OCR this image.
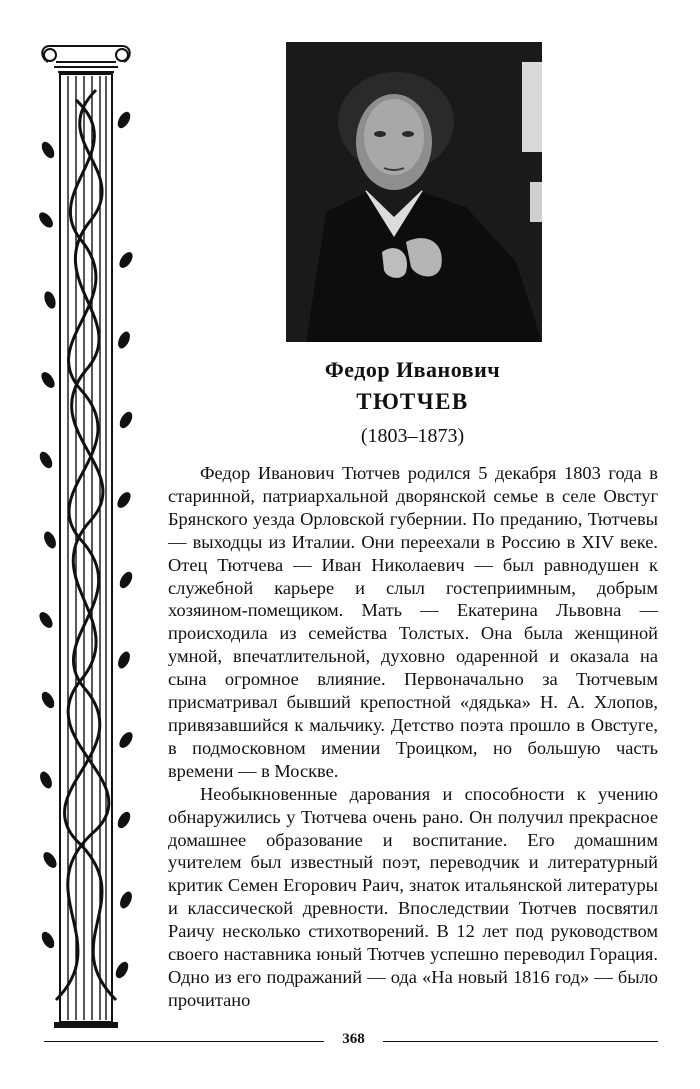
Федор Иванович
ТЮТЧЕВ
(1803–1873)

Федор Иванович Тютчев родился 5 декабря 1803 года в старинной, патриархальной дворянской семье в селе Овстуг Брянского уезда Орловской губернии. По преданию, Тютчевы — выходцы из Италии. Они переехали в Россию в XIV веке. Отец Тютчева — Иван Николаевич — был равнодушен к служебной карьере и слыл гостеприимным, добрым хозяином-помещиком. Мать — Екатерина Львовна — происходила из семейства Толстых. Она была женщиной умной, впечатлительной, духовно одаренной и оказала на сына огромное влияние. Первоначально за Тютчевым присматривал бывший крепостной «дядька» Н. А. Хлопов, привязавшийся к мальчику. Детство поэта прошло в Овстуге, в подмосковном имении Троицком, но большую часть времени — в Москве.

Необыкновенные дарования и способности к учению обнаружились у Тютчева очень рано. Он получил прекрасное домашнее образование и воспитание. Его домашним учителем был известный поэт, переводчик и литературный критик Семен Егорович Раич, знаток итальянской литературы и классической древности. Впоследствии Тютчев посвятил Раичу несколько стихотворений. В 12 лет под руководством своего наставника юный Тютчев успешно переводил Горация. Одно из его подражаний — ода «На новый 1816 год» — было прочитано

368
